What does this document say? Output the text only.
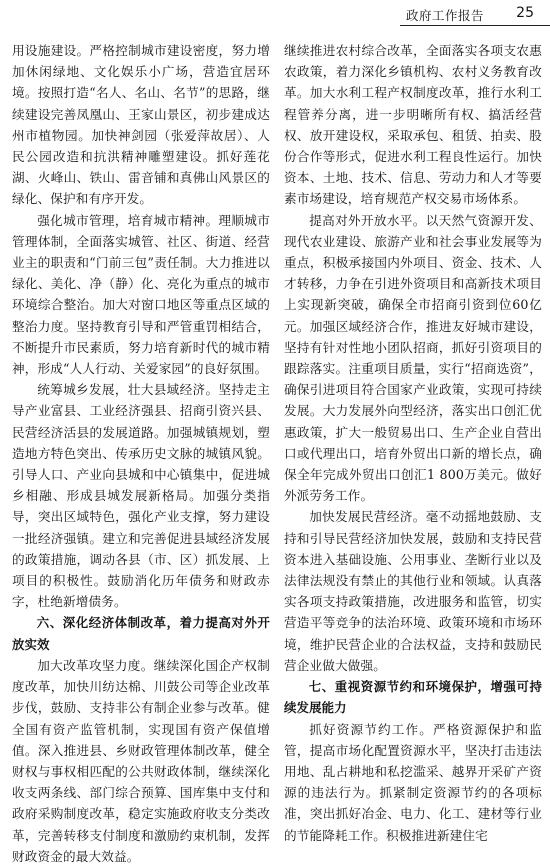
政府工作报告 25

用设施建设。严格控制城市建设密度，努力增加休闲绿地、文化娱乐小广场，营造宜居环境。按照打造“名人、名山、名节”的思路，继续建设完善凤凰山、王家山景区，初步建成达州市植物园。加快神剑园（张爱萍故居）、人民公园改造和抗洪精神雕塑建设。抓好莲花湖、火峰山、铁山、雷音铺和真佛山风景区的绿化、保护和有序开发。

强化城市管理，培育城市精神。理顺城市管理体制，全面落实城管、社区、街道、经营业主的职责和“门前三包”责任制。大力推进以绿化、美化、净（静）化、亮化为重点的城市环境综合整治。加大对窗口地区等重点区域的整治力度。坚持教育引导和严管重罚相结合，不断提升市民素质，努力培育新时代的城市精神，形成“人人行动、关爱家园”的良好氛围。

统筹城乡发展，壮大县域经济。坚持走主导产业富县、工业经济强县、招商引资兴县、民营经济活县的发展道路。加强城镇规划，塑造地方特色突出、传承历史文脉的城镇风貌。引导人口、产业向县城和中心镇集中，促进城乡相融、形成县城发展新格局。加强分类指导，突出区域特色，强化产业支撑，努力建设一批经济强镇。建立和完善促进县域经济发展的政策措施，调动各县（市、区）抓发展、上项目的积极性。鼓励消化历年债务和财政赤字，杜绝新增债务。

六、深化经济体制改革，着力提高对外开放实效

加大改革攻坚力度。继续深化国企产权制度改革，加快川纺达棉、川鼓公司等企业改革步伐，鼓励、支持非公有制企业参与改革。健全国有资产监管机制，实现国有资产保值增值。深入推进县、乡财政管理体制改革，健全财权与事权相匹配的公共财政体制，继续深化收支两条线、部门综合预算、国库集中支付和政府采购制度改革，稳定实施政府收支分类改革，完善转移支付制度和激励约束机制，发挥财政资金的最大效益。

继续推进农村综合改革，全面落实各项支农惠农政策，着力深化乡镇机构、农村义务教育改革。加大水利工程产权制度改革，推行水利工程管养分离，进一步明晰所有权、搞活经营权、放开建设权，采取承包、租赁、拍卖、股份合作等形式，促进水利工程良性运行。加快资本、土地、技术、信息、劳动力和人才等要素市场建设，培育规范产权交易市场体系。

提高对外开放水平。以天然气资源开发、现代农业建设、旅游产业和社会事业发展等为重点，积极承接国内外项目、资金、技术、人才转移，力争在引进外资项目和高新技术项目上实现新突破，确保全市招商引资到位60亿元。加强区域经济合作，推进友好城市建设，坚持有针对性地小团队招商，抓好引资项目的跟踪落实。注重项目质量，实行“招商选资”，确保引进项目符合国家产业政策，实现可持续发展。大力发展外向型经济，落实出口创汇优惠政策，扩大一般贸易出口、生产企业自营出口或代理出口，培育外贸出口新的增长点，确保全年完成外贸出口创汇1 800万美元。做好外派劳务工作。

加快发展民营经济。毫不动摇地鼓励、支持和引导民营经济加快发展，鼓励和支持民营资本进入基础设施、公用事业、垄断行业以及法律法规没有禁止的其他行业和领域。认真落实各项支持政策措施，改进服务和监管，切实营造平等竞争的法治环境、政策环境和市场环境，维护民营企业的合法权益，支持和鼓励民营企业做大做强。

七、重视资源节约和环境保护，增强可持续发展能力

抓好资源节约工作。严格资源保护和监管，提高市场化配置资源水平，坚决打击违法用地、乱占耕地和私挖滥采、越界开采矿产资源的违法行为。抓紧制定资源节约的各项标准，突出抓好冶金、电力、化工、建材等行业的节能降耗工作。积极推进新建住宅
